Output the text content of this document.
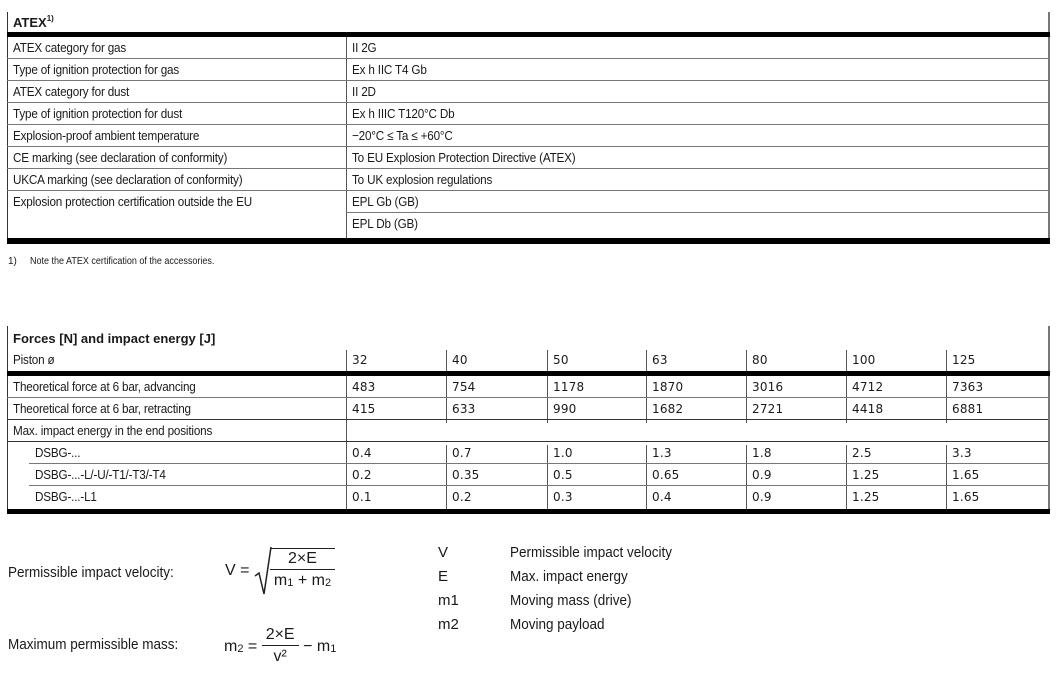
ATEX$^{1)}$
ATEX category for gas	II 2G
Type of ignition protection for gas	Ex h IIC T4 Gb
ATEX category for dust	II 2D
Type of ignition protection for dust	Ex h IIIC T120°C Db
Explosion-proof ambient temperature	−20°C ≤ Ta ≤ +60°C
CE marking (see declaration of conformity)	To EU Explosion Protection Directive (ATEX)
UKCA marking (see declaration of conformity)	To UK explosion regulations
Explosion protection certification outside the EU	EPL Gb (GB)
EPL Db (GB)
1) Note the ATEX certification of the accessories.
Forces [N] and impact energy [J]
Piston ø	32	40	50	63	80	100	125
Theoretical force at 6 bar, advancing	483	754	1178	1870	3016	4712	7363
Theoretical force at 6 bar, retracting	415	633	990	1682	2721	4418	6881
Max. impact energy in the end positions
DSBG-...	0.4	0.7	1.0	1.3	1.8	2.5	3.3
DSBG-...-L/-U/-T1/-T3/-T4	0.2	0.35	0.5	0.65	0.9	1.25	1.65
DSBG-...-L1	0.1	0.2	0.3	0.4	0.9	1.25	1.65
Permissible impact velocity:	$V = \frac{2\times E}{m1 + m2}$
Maximum permissible mass:	$m2 = \frac{2\times E}{\text{v²}} - m1$
V	Permissible impact velocity
E	Max. impact energy
m1	Moving mass (drive)
m2	Moving payload
